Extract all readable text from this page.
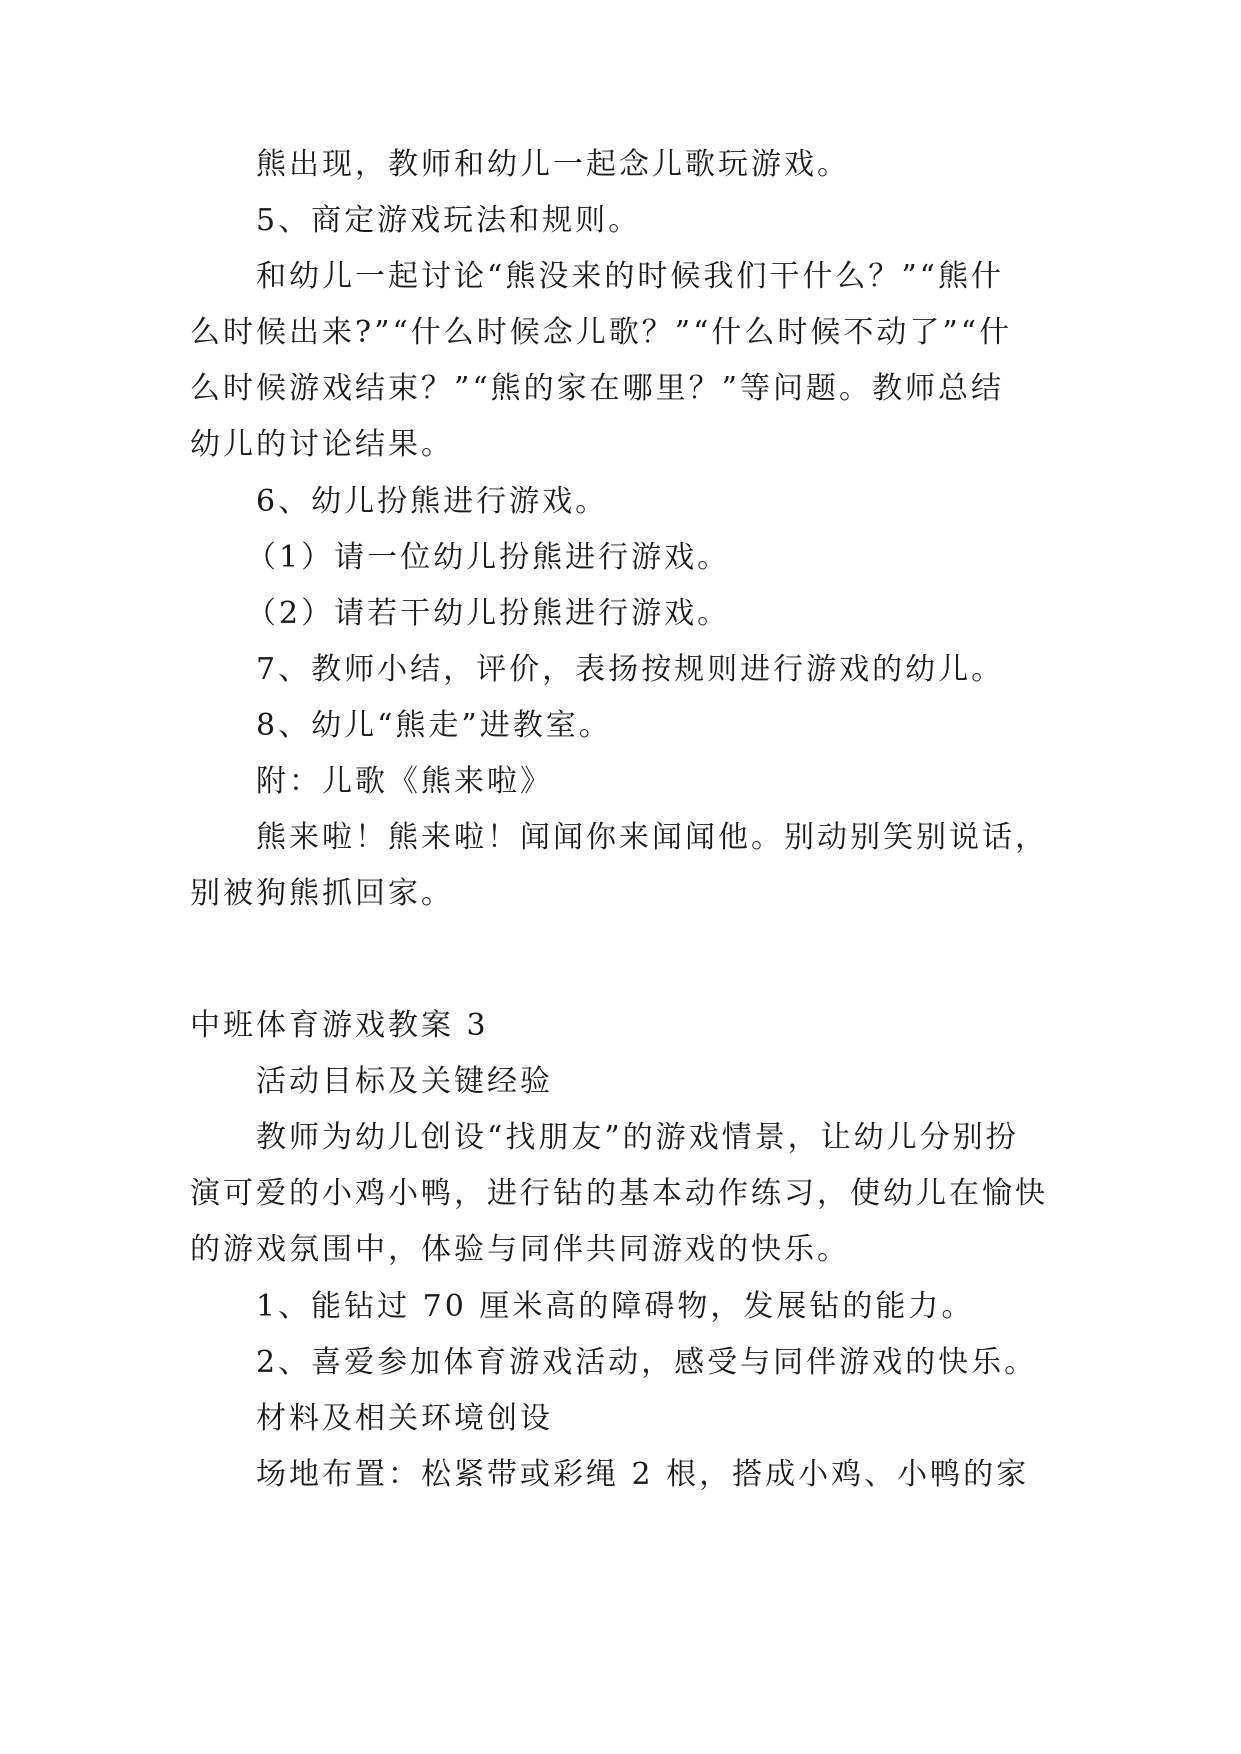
熊出现，教师和幼儿一起念儿歌玩游戏。
5、商定游戏玩法和规则。
和幼儿一起讨论“熊没来的时候我们干什么？”“熊什
么时候出来?”“什么时候念儿歌？”“什么时候不动了”“什
么时候游戏结束？”“熊的家在哪里？”等问题。教师总结
幼儿的讨论结果。
6、幼儿扮熊进行游戏。
（1）请一位幼儿扮熊进行游戏。
（2）请若干幼儿扮熊进行游戏。
7、教师小结，评价，表扬按规则进行游戏的幼儿。
8、幼儿“熊走”进教室。
附：儿歌《熊来啦》
熊来啦！熊来啦！闻闻你来闻闻他。别动别笑别说话，
别被狗熊抓回家。
中班体育游戏教案 3
活动目标及关键经验
教师为幼儿创设“找朋友”的游戏情景，让幼儿分别扮
演可爱的小鸡小鸭，进行钻的基本动作练习，使幼儿在愉快
的游戏氛围中，体验与同伴共同游戏的快乐。
1、能钻过 70 厘米高的障碍物，发展钻的能力。
2、喜爱参加体育游戏活动，感受与同伴游戏的快乐。
材料及相关环境创设
场地布置：松紧带或彩绳 2 根，搭成小鸡、小鸭的家
